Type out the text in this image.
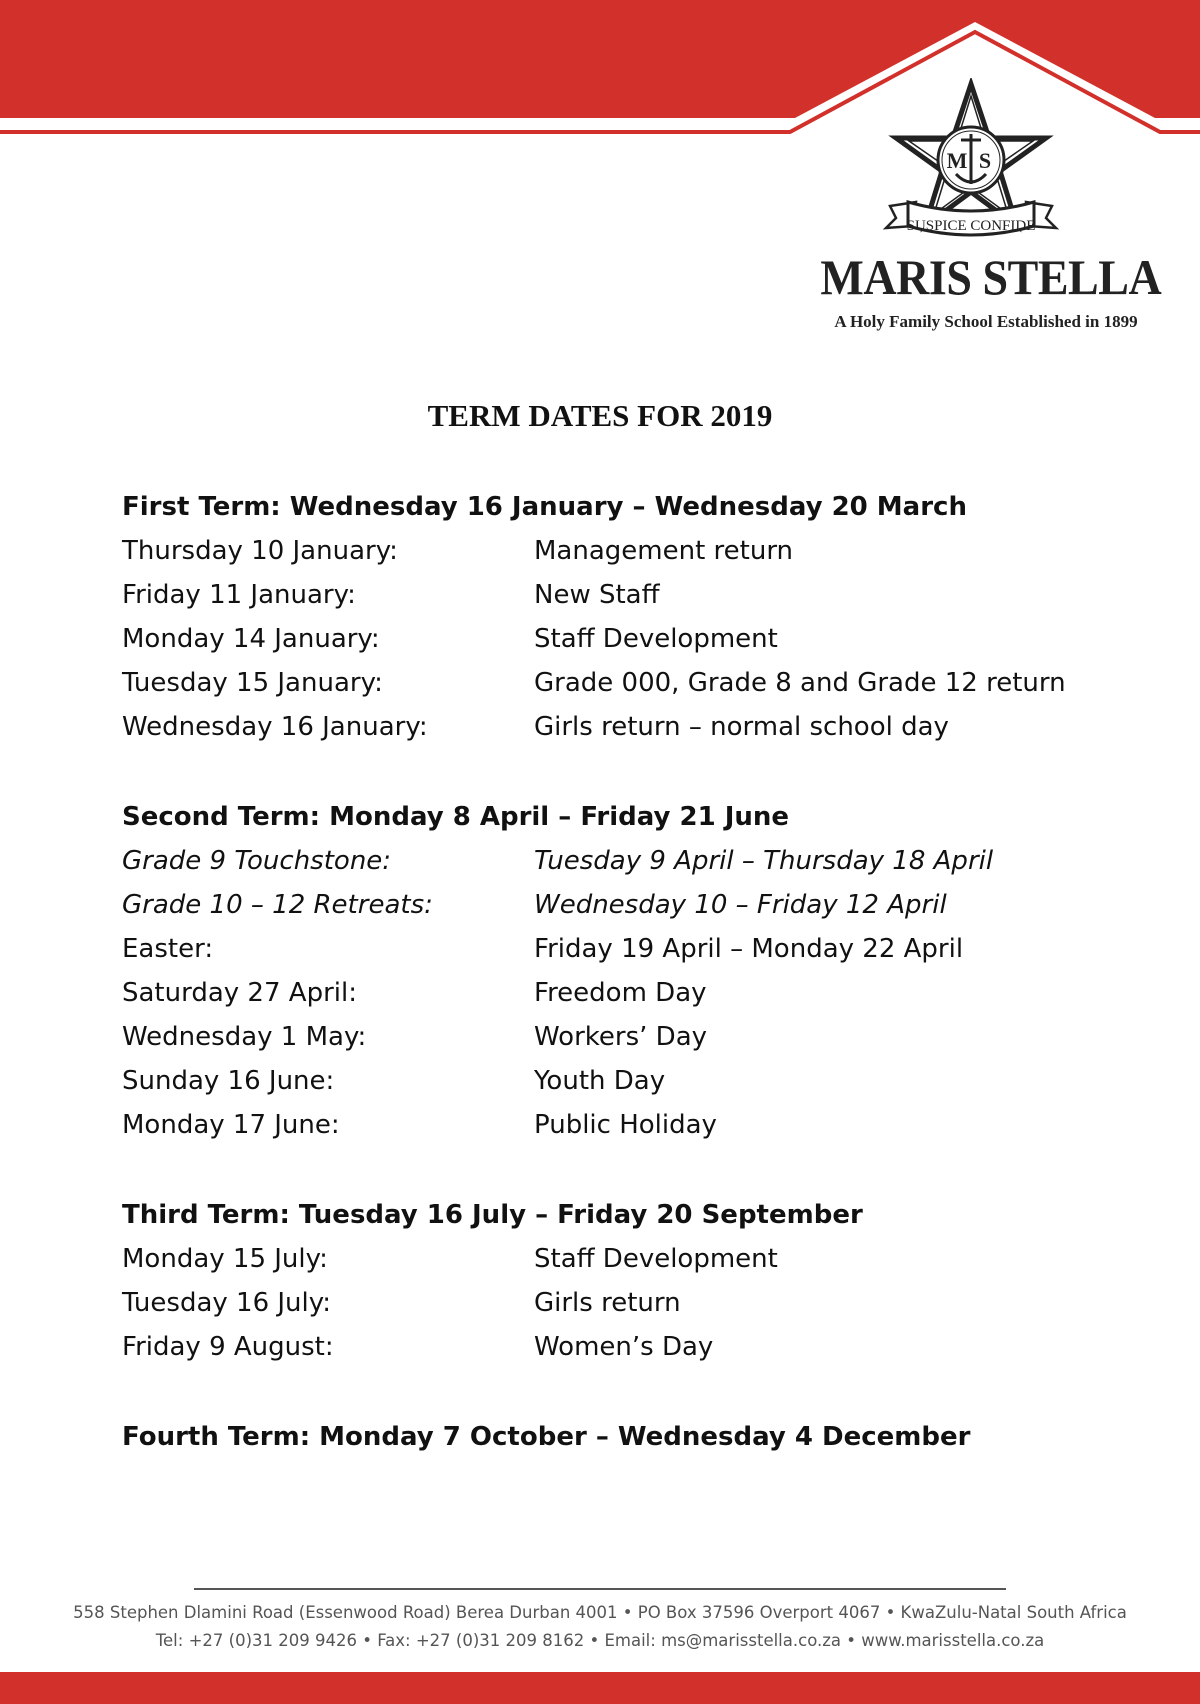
M S
SUSPICE CONFIDE
MARIS STELLA
A Holy Family School Established in 1899
TERM DATES FOR 2019
First Term: Wednesday 16 January – Wednesday 20 March
Thursday 10 January:	Management return
Friday 11 January:	New Staff
Monday 14 January:	Staff Development
Tuesday 15 January:	Grade 000, Grade 8 and Grade 12 return
Wednesday 16 January:	Girls return – normal school day
Second Term: Monday 8 April – Friday 21 June
Grade 9 Touchstone:	Tuesday 9 April – Thursday 18 April
Grade 10 – 12 Retreats:	Wednesday 10 – Friday 12 April
Easter:	Friday 19 April – Monday 22 April
Saturday 27 April:	Freedom Day
Wednesday 1 May:	Workers’ Day
Sunday 16 June:	Youth Day
Monday 17 June:	Public Holiday
Third Term: Tuesday 16 July – Friday 20 September
Monday 15 July:	Staff Development
Tuesday 16 July:	Girls return
Friday 9 August:	Women’s Day
Fourth Term: Monday 7 October – Wednesday 4 December
558 Stephen Dlamini Road (Essenwood Road) Berea Durban 4001 • PO Box 37596 Overport 4067 • KwaZulu-Natal South Africa
Tel: +27 (0)31 209 9426 • Fax: +27 (0)31 209 8162 • Email: ms@marisstella.co.za • www.marisstella.co.za
